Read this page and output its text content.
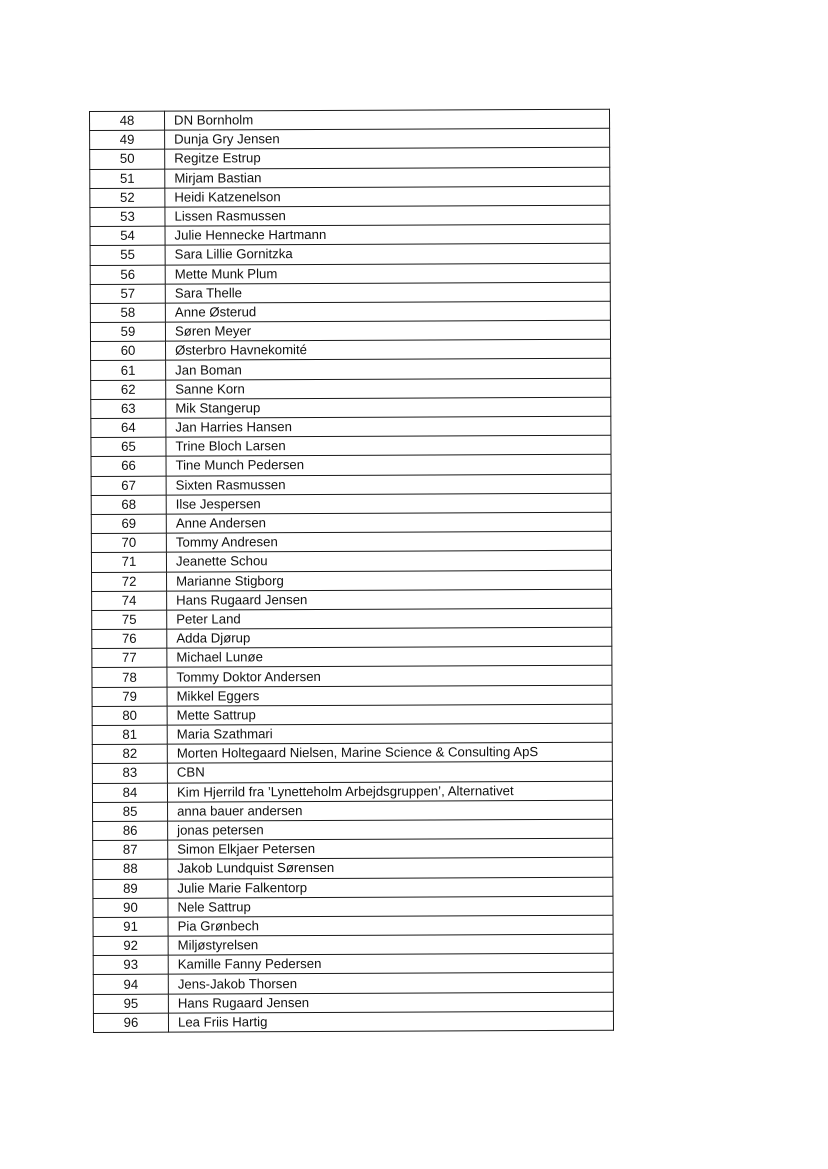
48	DN Bornholm
49	Dunja Gry Jensen
50	Regitze Estrup
51	Mirjam Bastian
52	Heidi Katzenelson
53	Lissen Rasmussen
54	Julie Hennecke Hartmann
55	Sara Lillie Gornitzka
56	Mette Munk Plum
57	Sara Thelle
58	Anne Østerud
59	Søren Meyer
60	Østerbro Havnekomité
61	Jan Boman
62	Sanne Korn
63	Mik Stangerup
64	Jan Harries Hansen
65	Trine Bloch Larsen
66	Tine Munch Pedersen
67	Sixten Rasmussen
68	Ilse Jespersen
69	Anne Andersen
70	Tommy Andresen
71	Jeanette Schou
72	Marianne Stigborg
74	Hans Rugaard Jensen
75	Peter Land
76	Adda Djørup
77	Michael Lunøe
78	Tommy Doktor Andersen
79	Mikkel Eggers
80	Mette Sattrup
81	Maria Szathmari
82	Morten Holtegaard Nielsen, Marine Science & Consulting ApS
83	CBN
84	Kim Hjerrild fra ’Lynetteholm Arbejdsgruppen’, Alternativet
85	anna bauer andersen
86	jonas petersen
87	Simon Elkjaer Petersen
88	Jakob Lundquist Sørensen
89	Julie Marie Falkentorp
90	Nele Sattrup
91	Pia Grønbech
92	Miljøstyrelsen
93	Kamille Fanny Pedersen
94	Jens-Jakob Thorsen
95	Hans Rugaard Jensen
96	Lea Friis Hartig
